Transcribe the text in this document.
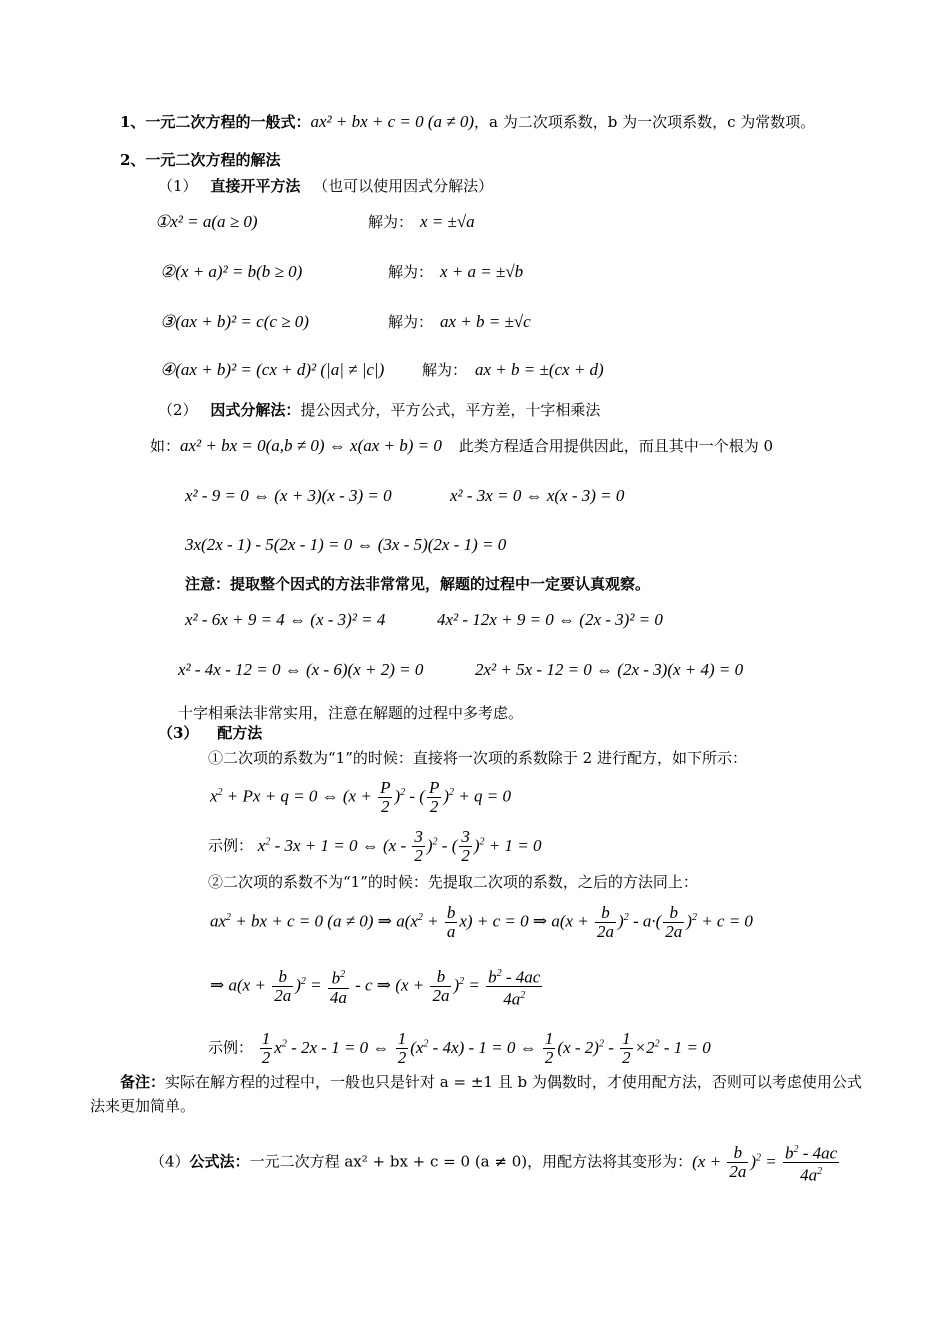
1、一元二次方程的一般式：ax² + bx + c = 0 (a ≠ 0)，a 为二次项系数，b 为一次项系数，c 为常数项。
2、一元二次方程的解法
（1） 直接开平方法 （也可以使用因式分解法）
①x² = a(a ≥ 0)	解为： x = ±√a
②(x + a)² = b(b ≥ 0)	解为： x + a = ±√b
③(ax + b)² = c(c ≥ 0)	解为： ax + b = ±√c
④(ax + b)² = (cx + d)² (|a| ≠ |c|)	解为： ax + b = ±(cx + d)
（2） 因式分解法：提公因式分，平方公式，平方差，十字相乘法
如：ax² + bx = 0(a,b ≠ 0) ⇔ x(ax + b) = 0 此类方程适合用提供因此，而且其中一个根为 0
x² - 9 = 0 ⇔ (x + 3)(x - 3) = 0	x² - 3x = 0 ⇔ x(x - 3) = 0
3x(2x - 1) - 5(2x - 1) = 0 ⇔ (3x - 5)(2x - 1) = 0
注意：提取整个因式的方法非常常见，解题的过程中一定要认真观察。
x² - 6x + 9 = 4 ⇔ (x - 3)² = 4	4x² - 12x + 9 = 0 ⇔ (2x - 3)² = 0
x² - 4x - 12 = 0 ⇔ (x - 6)(x + 2) = 0	2x² + 5x - 12 = 0 ⇔ (2x - 3)(x + 4) = 0
十字相乘法非常实用，注意在解题的过程中多考虑。
（3） 配方法
①二次项的系数为“1”的时候：直接将一次项的系数除于 2 进行配方，如下所示：
$x^2 + Px + q = 0$ ⇔ $(x + \frac{P}{2} )^2$ - ( $\frac{P}{2} )^2 + q = 0$
示例： $x^2 - 3x + 1 = 0$ ⇔ $(x - \frac{3}{2} )^2$ - ( $\frac{3}{2} )^2 + 1 = 0$
②二次项的系数不为“1”的时候：先提取二次项的系数，之后的方法同上：
$ax^2$ + bx + c = 0 (a ≠ 0) ⇒ $a(x^2 + \frac{b}{a} x) + c = 0$ ⇒ $a(x + \frac{b}{2a} )^2 - a\cdot( \frac{b}{2a} )^2 + c = 0$
⇒ $a(x + \frac{b}{2a} )^2 = \frac{b^2}{4a} - c$ ⇒ $(x + \frac{b}{2a} )^2 = \frac{b^2 - 4ac}{4a^2}$
示例： $\frac{1}{2} x^2 - 2x - 1 = 0$ ⇔ $\frac{1}{2} (x^2 - 4x) - 1 = 0$ ⇔ $\frac{1}{2} (x - 2)^2 - \frac{1}{2} \times 2^2 - 1 = 0$
备注：实际在解方程的过程中，一般也只是针对 a = ±1 且 b 为偶数时，才使用配方法，否则可以考虑使用公式法来更加简单。
（4）公式法：一元二次方程 ax² + bx + c = 0 (a ≠ 0)，用配方法将其变形为：$(x + \frac{b}{2a} )^2 = \frac{b^2 - 4ac}{4a^2}$
